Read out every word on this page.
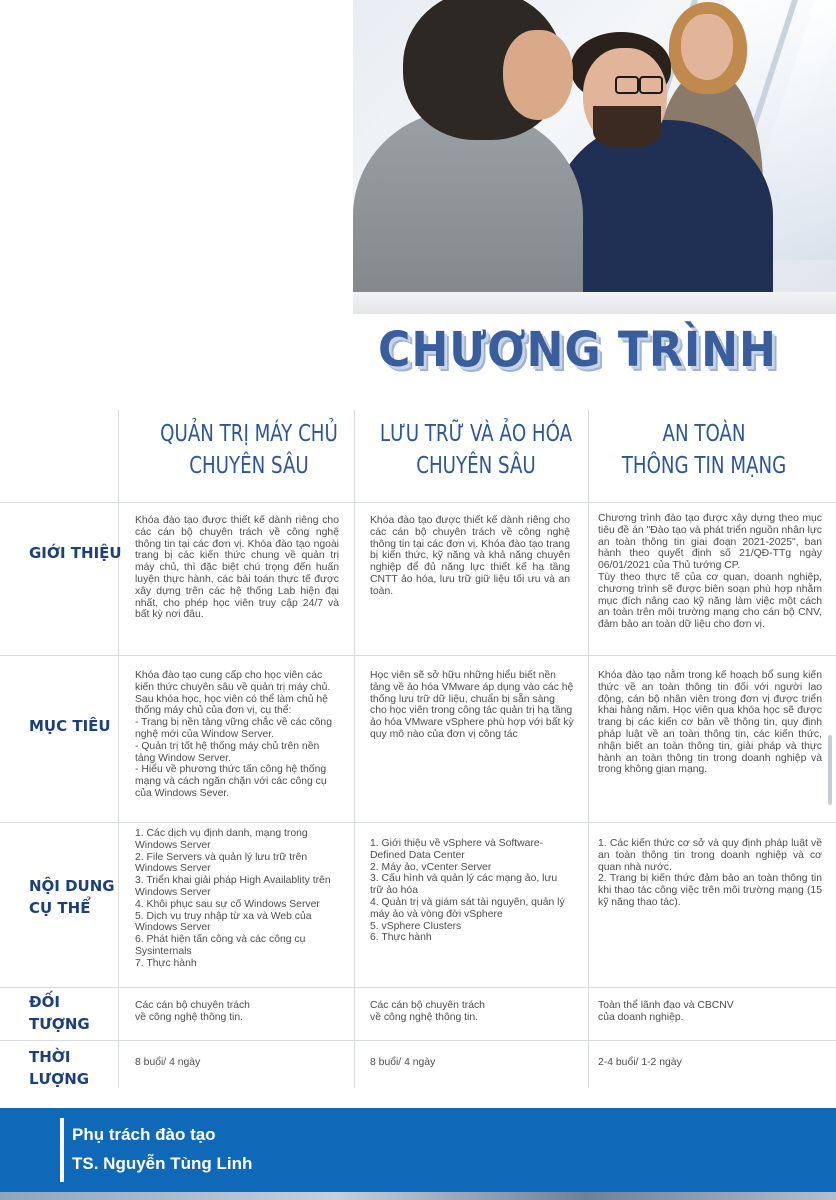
CHƯƠNG TRÌNH
QUẢN TRỊ MÁY CHỦ
CHUYÊN SÂU
LƯU TRỮ VÀ ẢO HÓA
CHUYÊN SÂU
AN TOÀN
THÔNG TIN MẠNG
GIỚI THIỆU
Khóa đào tạo được thiết kế dành riêng cho các cán bộ chuyên trách về công nghệ thông tin tại các đơn vị. Khóa đào tạo ngoài trang bị các kiến thức chung về quản trị máy chủ, thì đặc biệt chú trọng đến huấn luyện thực hành, các bài toán thực tế được xây dựng trên các hệ thống Lab hiện đại nhất, cho phép học viên truy cập 24/7 và bất kỳ nơi đâu.
Khóa đào tạo được thiết kế dành riêng cho các cán bộ chuyên trách về công nghệ thông tin tại các đơn vị. Khóa đào tạo trang bị kiến thức, kỹ năng và khả năng chuyên nghiệp để đủ năng lực thiết kế hạ tầng CNTT ảo hóa, lưu trữ giữ liệu tối ưu và an toàn.
Chương trình đào tạo được xây dựng theo mục tiêu đề án "Đào tạo và phát triển nguồn nhân lực an toàn thông tin giai đoạn 2021-2025", ban hành theo quyết định số 21/QĐ-TTg ngày 06/01/2021 của Thủ tướng CP.
Tùy theo thực tế của cơ quan, doanh nghiệp, chương trình sẽ được biên soạn phù hợp nhằm mục đích nâng cao kỹ năng làm việc một cách an toàn trên môi trường mạng cho cán bộ CNV, đảm bảo an toàn dữ liệu cho đơn vị.
MỤC TIÊU
Khóa đào tạo cung cấp cho học viên các kiến thức chuyên sâu về quản trị máy chủ. Sau khóa học, học viên có thể làm chủ hệ thống máy chủ của đơn vị, cụ thể:
- Trang bị nền tảng vững chắc về các công nghệ mới của Window Server.
- Quản trị tốt hệ thống máy chủ trên nền tảng Window Server.
- Hiểu về phương thức tấn công hệ thống mạng và cách ngăn chặn với các công cụ của Windows Sever.
Học viên sẽ sở hữu những hiểu biết nền tảng về ảo hóa VMware áp dụng vào các hệ thống lưu trữ dữ liệu, chuẩn bị sẵn sàng cho học viên trong công tác quản trị hạ tầng ảo hóa VMware vSphere phù hợp với bất kỳ quy mô nào của đơn vị công tác
Khóa đào tạo nằm trong kế hoạch bổ sung kiến thức về an toàn thông tin đối với người lao động, cán bộ nhân viên trong đơn vị được triển khai hàng năm. Học viên qua khóa học sẽ được trang bị các kiến cơ bản về thông tin, quy định pháp luật về an toàn thông tin, các kiến thức, nhận biết an toàn thông tin, giải pháp và thực hành an toàn thông tin trong doanh nghiệp và trong không gian mạng.
NỘI DUNG
CỤ THỂ
1. Các dịch vụ định danh, mạng trong Windows Server
2. File Servers và quản lý lưu trữ trên Windows Server
3. Triển khai giải pháp High Availablity trên Windows Server
4. Khôi phục sau sự cố Windows Server
5. Dịch vụ truy nhập từ xa và Web của Windows Server
6. Phát hiện tấn công và các công cụ Sysinternals
7. Thực hành
1. Giới thiệu về vSphere và Software-Defined Data Center
2. Máy ảo, vCenter Server
3. Cấu hình và quản lý các mạng ảo, lưu trữ ảo hóa
4. Quản trị và giám sát tài nguyên, quản lý máy ảo và vòng đời vSphere
5. vSphere Clusters
6. Thực hành
1. Các kiến thức cơ sở và quy định pháp luật về an toàn thông tin trong doanh nghiệp và cơ quan nhà nước.
2. Trang bị kiến thức đảm bảo an toàn thông tin khi thao tác công việc trên môi trường mạng (15 kỹ năng thao tác).
ĐỐI
TƯỢNG
Các cán bộ chuyên trách
về công nghệ thông tin.
Các cán bộ chuyên trách
về công nghệ thông tin.
Toàn thể lãnh đạo và CBCNV
của doanh nghiệp.
THỜI
LƯỢNG
8 buổi/ 4 ngày	8 buổi/ 4 ngày	2-4 buổi/ 1-2 ngày
Phụ trách đào tạo
TS. Nguyễn Tùng Linh
